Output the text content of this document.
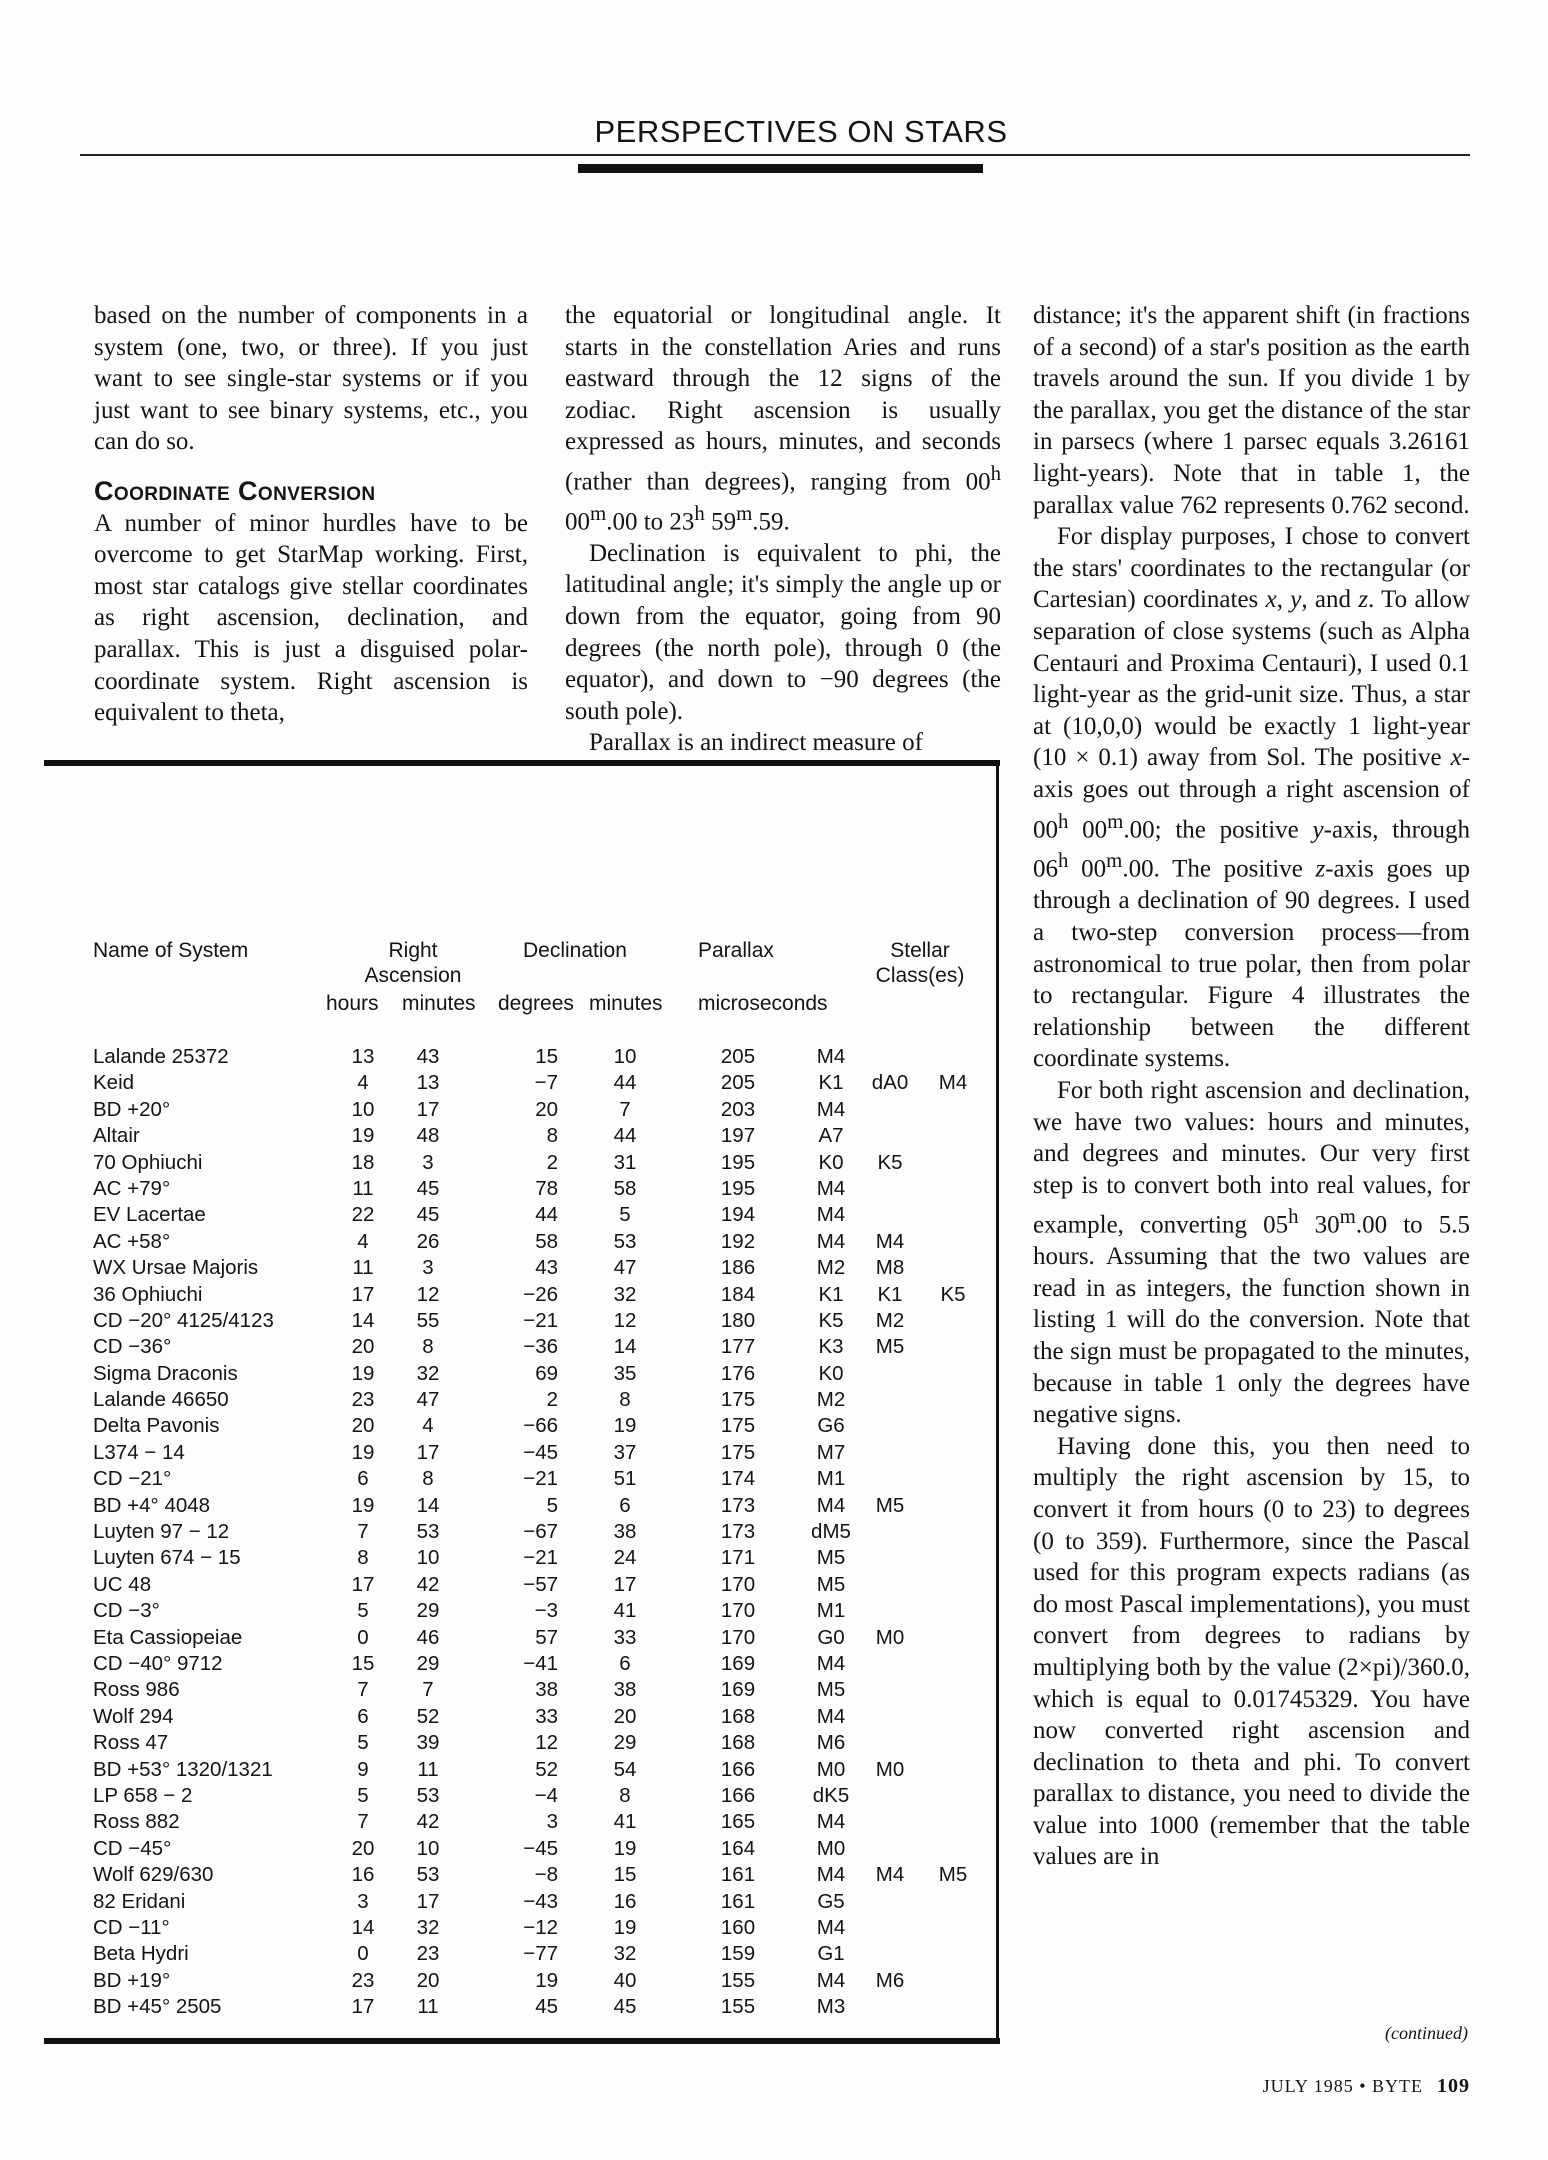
PERSPECTIVES ON STARS

based on the number of components in a system (one, two, or three). If you just want to see single-star systems or if you just want to see binary systems, etc., you can do so.

Coordinate Conversion

A number of minor hurdles have to be overcome to get StarMap working. First, most star catalogs give stellar coordinates as right ascension, declination, and parallax. This is just a disguised polar-coordinate system. Right ascension is equivalent to theta,

the equatorial or longitudinal angle. It starts in the constellation Aries and runs eastward through the 12 signs of the zodiac. Right ascension is usually expressed as hours, minutes, and seconds (rather than degrees), ranging from 00$^h$ 00$^m$.00 to 23$^h$ 59$^m$.59.

Declination is equivalent to phi, the latitudinal angle; it's simply the angle up or down from the equator, going from 90 degrees (the north pole), through 0 (the equator), and down to −90 degrees (the south pole).

Parallax is an indirect measure of

distance; it's the apparent shift (in fractions of a second) of a star's position as the earth travels around the sun. If you divide 1 by the parallax, you get the distance of the star in parsecs (where 1 parsec equals 3.26161 light-years). Note that in table 1, the parallax value 762 represents 0.762 second.

For display purposes, I chose to convert the stars' coordinates to the rectangular (or Cartesian) coordinates x, y, and z. To allow separation of close systems (such as Alpha Centauri and Proxima Centauri), I used 0.1 light-year as the grid-unit size. Thus, a star at (10,0,0) would be exactly 1 light-year (10 × 0.1) away from Sol. The positive x-axis goes out through a right ascension of 00$^h$ 00$^m$.00; the positive y-axis, through 06$^h$ 00$^m$.00. The positive z-axis goes up through a declination of 90 degrees. I used a two-step conversion process—from astronomical to true polar, then from polar to rectangular. Figure 4 illustrates the relationship between the different coordinate systems.

For both right ascension and declination, we have two values: hours and minutes, and degrees and minutes. Our very first step is to convert both into real values, for example, converting 05$^h$ 30$^m$.00 to 5.5 hours. Assuming that the two values are read in as integers, the function shown in listing 1 will do the conversion. Note that the sign must be propagated to the minutes, because in table 1 only the degrees have negative signs.

Having done this, you then need to multiply the right ascension by 15, to convert it from hours (0 to 23) to degrees (0 to 359). Furthermore, since the Pascal used for this program expects radians (as do most Pascal implementations), you must convert from degrees to radians by multiplying both by the value (2×pi)/360.0, which is equal to 0.01745329. You have now converted right ascension and declination to theta and phi. To convert parallax to distance, you need to divide the value into 1000 (remember that the table values are in

Name of System	Right Ascension
Declination	Parallax	Stellar Class(es)
hours minutes degrees minutes microseconds
Lalande 25372	13	43	15	10	205	M4
Keid	4	13	−7	44	205	K1	dA0	M4
BD +20°	10	17	20	7	203	M4
Altair	19	48	8	44	197	A7
70 Ophiuchi	18	3	2	31	195	K0	K5
AC +79°	11	45	78	58	195	M4
EV Lacertae	22	45	44	5	194	M4
AC +58°	4	26	58	53	192	M4	M4
WX Ursae Majoris	11	3	43	47	186	M2	M8
36 Ophiuchi	17	12	−26	32	184	K1	K1	K5
CD −20° 4125/4123	14	55	−21	12	180	K5	M2
CD −36°	20	8	−36	14	177	K3	M5
Sigma Draconis	19	32	69	35	176	K0
Lalande 46650	23	47	2	8	175	M2
Delta Pavonis	20	4	−66	19	175	G6
L374 − 14	19	17	−45	37	175	M7
CD −21°	6	8	−21	51	174	M1
BD +4° 4048	19	14	5	6	173	M4	M5
Luyten 97 − 12	7	53	−67	38	173	dM5
Luyten 674 − 15	8	10	−21	24	171	M5
UC 48	17	42	−57	17	170	M5
CD −3°	5	29	−3	41	170	M1
Eta Cassiopeiae	0	46	57	33	170	G0	M0
CD −40° 9712	15	29	−41	6	169	M4
Ross 986	7	7	38	38	169	M5
Wolf 294	6	52	33	20	168	M4
Ross 47	5	39	12	29	168	M6
BD +53° 1320/1321	9	11	52	54	166	M0	M0
LP 658 − 2	5	53	−4	8	166	dK5
Ross 882	7	42	3	41	165	M4
CD −45°	20	10	−45	19	164	M0
Wolf 629/630	16	53	−8	15	161	M4	M4	M5
82 Eridani	3	17	−43	16	161	G5
CD −11°	14	32	−12	19	160	M4
Beta Hydri	0	23	−77	32	159	G1
BD +19°	23	20	19	40	155	M4	M6
BD +45° 2505	17	11	45	45	155	M3
(continued)
JULY 1985 • BYTE 109
